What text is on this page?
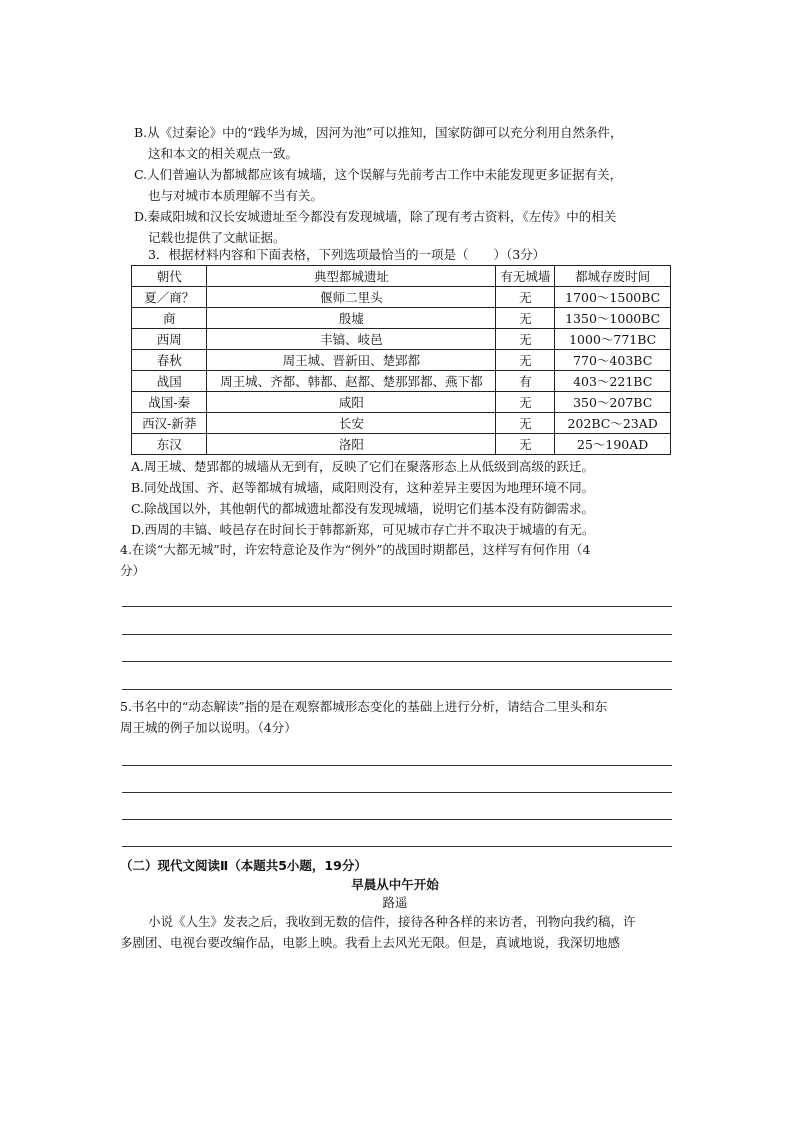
B.从《过秦论》中的“践华为城，因河为池”可以推知，国家防御可以充分利用自然条件，
这和本文的相关观点一致。
C.人们普遍认为都城都应该有城墙，这个误解与先前考古工作中未能发现更多证据有关，
也与对城市本质理解不当有关。
D.秦咸阳城和汉长安城遗址至今都没有发现城墙，除了现有考古资料，《左传》中的相关
记载也提供了文献证据。
3．根据材料内容和下面表格，下列选项最恰当的一项是（　　）（3分）
朝代	典型都城遗址	有无城墙	都城存废时间
夏／商？	偃师二里头	无	1700～1500BC
商	殷墟	无	1350～1000BC
西周	丰镐、岐邑	无	1000～771BC
春秋	周王城、晋新田、楚郢都	无	770～403BC
战国	周王城、齐都、韩都、赵都、楚那郢都、燕下都	有	403～221BC
战国-秦	咸阳	无	350～207BC
西汉-新莽	长安	无	202BC～23AD
东汉	洛阳	无	25～190AD
A.周王城、楚郢都的城墙从无到有，反映了它们在聚落形态上从低级到高级的跃迁。
B.同处战国、齐、赵等都城有城墙，咸阳则没有，这种差异主要因为地理环境不同。
C.除战国以外，其他朝代的都城遗址都没有发现城墙，说明它们基本没有防御需求。
D.西周的丰镐、岐邑存在时间长于韩都新郑，可见城市存亡并不取决于城墙的有无。
4.在谈“大都无城”时，许宏特意论及作为“例外”的战国时期都邑，这样写有何作用（4
分）
5.书名中的“动态解读”指的是在观察都城形态变化的基础上进行分析，请结合二里头和东
周王城的例子加以说明。（4分）
（二）现代文阅读Ⅱ（本题共5小题，19分）
早晨从中午开始
路遥
小说《人生》发表之后，我收到无数的信件，接待各种各样的来访者，刊物向我约稿，许
多剧团、电视台要改编作品，电影上映。我看上去风光无限。但是，真诚地说，我深切地感
